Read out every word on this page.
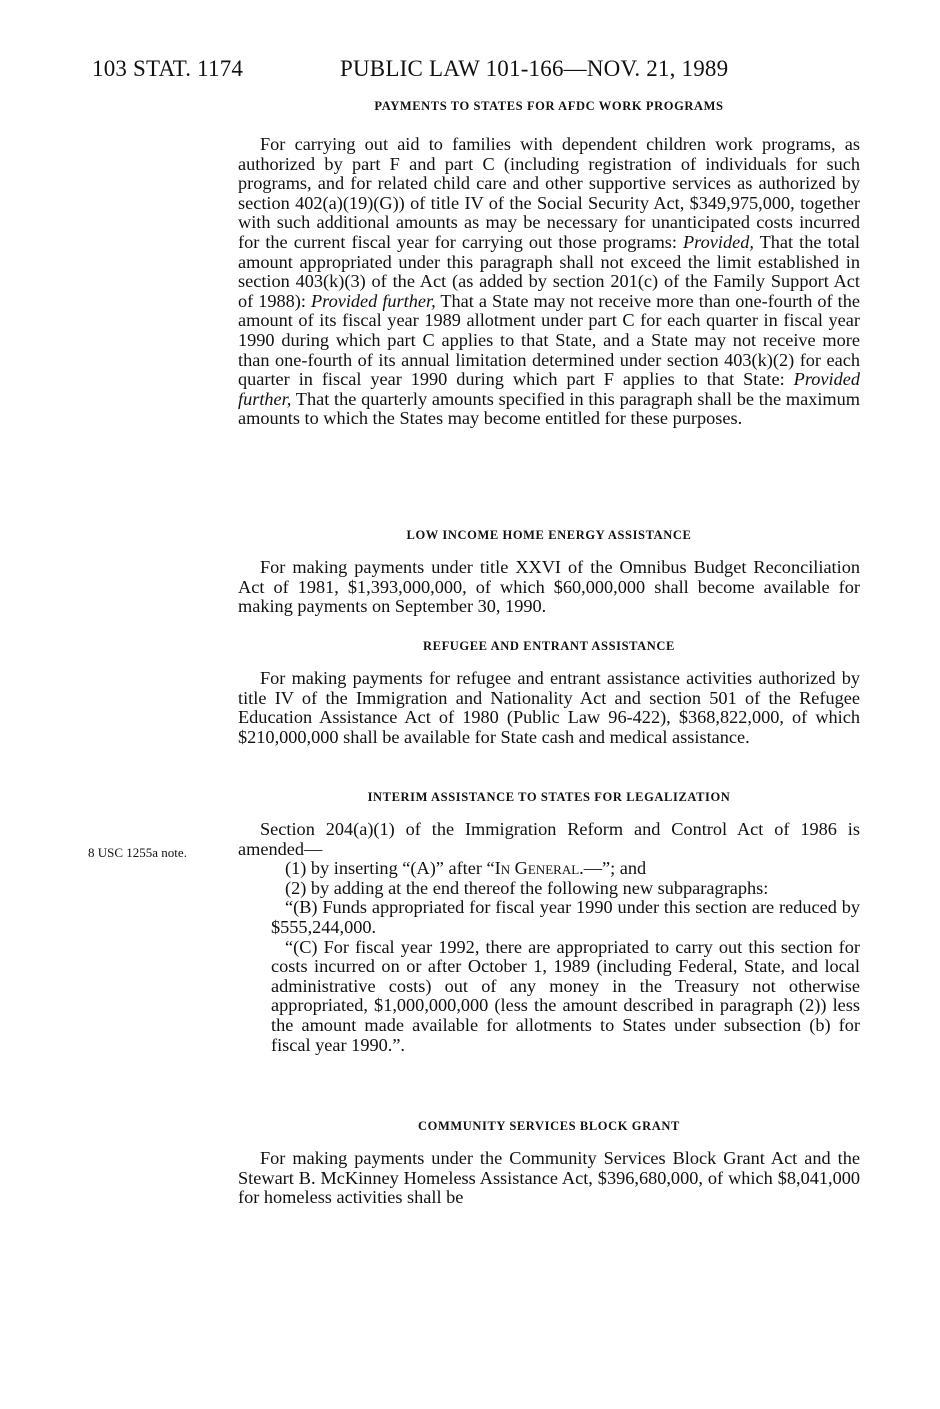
103 STAT. 1174	PUBLIC LAW 101-166—NOV. 21, 1989
PAYMENTS TO STATES FOR AFDC WORK PROGRAMS

For carrying out aid to families with dependent children work programs, as authorized by part F and part C (including registration of individuals for such programs, and for related child care and other supportive services as authorized by section 402(a)(19)(G)) of title IV of the Social Security Act, $349,975,000, together with such additional amounts as may be necessary for unanticipated costs incurred for the current fiscal year for carrying out those programs: Provided, That the total amount appropriated under this paragraph shall not exceed the limit established in section 403(k)(3) of the Act (as added by section 201(c) of the Family Support Act of 1988): Provided further, That a State may not receive more than one-fourth of the amount of its fiscal year 1989 allotment under part C for each quarter in fiscal year 1990 during which part C applies to that State, and a State may not receive more than one-fourth of its annual limitation determined under section 403(k)(2) for each quarter in fiscal year 1990 during which part F applies to that State: Provided further, That the quarterly amounts specified in this paragraph shall be the maximum amounts to which the States may become entitled for these purposes.

LOW INCOME HOME ENERGY ASSISTANCE

For making payments under title XXVI of the Omnibus Budget Reconciliation Act of 1981, $1,393,000,000, of which $60,000,000 shall become available for making payments on September 30, 1990.

REFUGEE AND ENTRANT ASSISTANCE

For making payments for refugee and entrant assistance activities authorized by title IV of the Immigration and Nationality Act and section 501 of the Refugee Education Assistance Act of 1980 (Public Law 96-422), $368,822,000, of which $210,000,000 shall be available for State cash and medical assistance.

INTERIM ASSISTANCE TO STATES FOR LEGALIZATION
8 USC 1255a note.

Section 204(a)(1) of the Immigration Reform and Control Act of 1986 is amended—

(1) by inserting “(A)” after “In General.—”; and

(2) by adding at the end thereof the following new subparagraphs:

“(B) Funds appropriated for fiscal year 1990 under this section are reduced by $555,244,000.

“(C) For fiscal year 1992, there are appropriated to carry out this section for costs incurred on or after October 1, 1989 (including Federal, State, and local administrative costs) out of any money in the Treasury not otherwise appropriated, $1,000,000,000 (less the amount described in paragraph (2)) less the amount made available for allotments to States under subsection (b) for fiscal year 1990.”.

COMMUNITY SERVICES BLOCK GRANT

For making payments under the Community Services Block Grant Act and the Stewart B. McKinney Homeless Assistance Act, $396,680,000, of which $8,041,000 for homeless activities shall be
